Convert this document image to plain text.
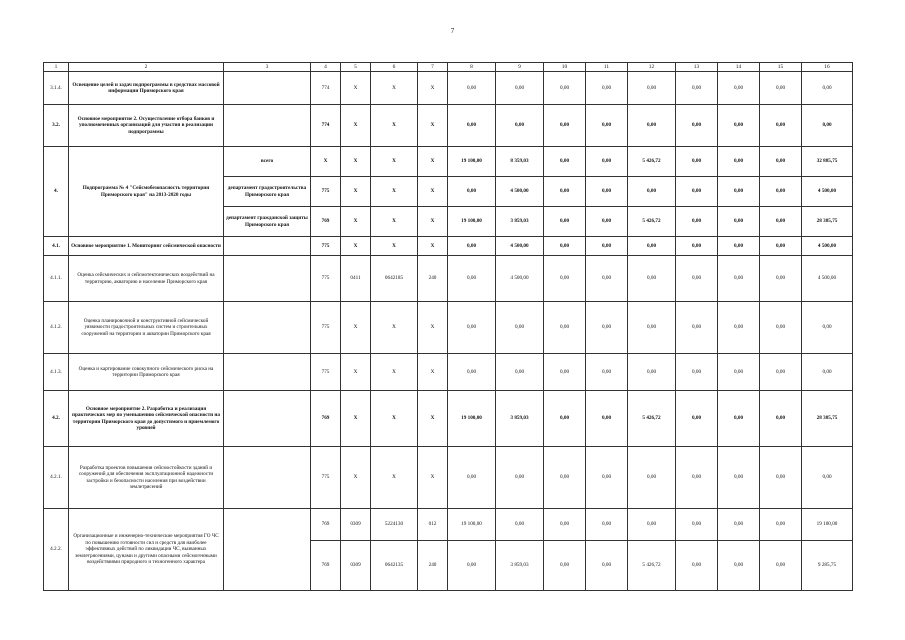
7
1	2	3	4	5	6	7	8	9	10	11	12	13	14	15	16
3.1.4.	Освещение целей и задач подпрограммы в средствах массовой информации Приморского края		774	X	X	X	0,00	0,00	0,00	0,00	0,00	0,00	0,00	0,00	0,00
3.2.	Основное мероприятие 2. Осуществление отбора банков и уполномоченных организаций для участия в реализации подпрограммы		774	X	X	X	0,00	0,00	0,00	0,00	0,00	0,00	0,00	0,00	0,00
4.	Подпрограмма № 4 "Сейсмобезопасность территории Приморского края" на 2013-2020 годы	всего	X	X	X	X	19 100,00	8 359,03	0,00	0,00	5 426,72	0,00	0,00	0,00	32 885,75
		департамент градостроительства Приморского края	775	X	X	X	0,00	4 500,00	0,00	0,00	0,00	0,00	0,00	0,00	4 500,00
		департамент гражданской защиты Приморского края	769	X	X	X	19 100,00	3 859,03	0,00	0,00	5 426,72	0,00	0,00	0,00	28 385,75
4.1.	Основное мероприятие 1. Мониторинг сейсмической опасности		775	X	X	X	0,00	4 500,00	0,00	0,00	0,00	0,00	0,00	0,00	4 500,00
4.1.1.	Оценка сейсмических и сейсмотектонических воздействий на территорию, акваторию и население Приморского края		775	0411	0642185	240	0,00	4 500,00	0,00	0,00	0,00	0,00	0,00	0,00	4 500,00
4.1.2.	Оценка планировочной и конструктивной сейсмической уязвимости градостроительных систем и строительных сооружений на территории и акватории Приморского края		775	X	X	X	0,00	0,00	0,00	0,00	0,00	0,00	0,00	0,00	0,00
4.1.3.	Оценка и картирование совокупного сейсмического риска на территории Приморского края		775	X	X	X	0,00	0,00	0,00	0,00	0,00	0,00	0,00	0,00	0,00
4.2.	Основное мероприятие 2. Разработка и реализация практических мер по уменьшению сейсмической опасности на территории Приморского края до допустимого и приемлемого уровней		769	X	X	X	19 100,00	3 859,03	0,00	0,00	5 426,72	0,00	0,00	0,00	28 385,75
4.2.1.	Разработка проектов повышения сейсмостойкости зданий и сооружений для обеспечения эксплуатационной надежности застройки и безопасности населения при воздействии землетрясений		775	X	X	X	0,00	0,00	0,00	0,00	0,00	0,00	0,00	0,00	0,00
4.2.2.	Организационные и инженерно-технические мероприятия ГО ЧС по повышению готовности сил и средств для наиболее эффективных действий по ликвидации ЧС, вызванных землетрясениями, цунами и другими опасными сейсмогенными воздействиями природного и техногенного характера		769	0309	5224130	012	19 100,00	0,00	0,00	0,00	0,00	0,00	0,00	0,00	19 100,00
			769	0309	0642135	240	0,00	3 859,03	0,00	0,00	5 426,72	0,00	0,00	0,00	9 285,75
